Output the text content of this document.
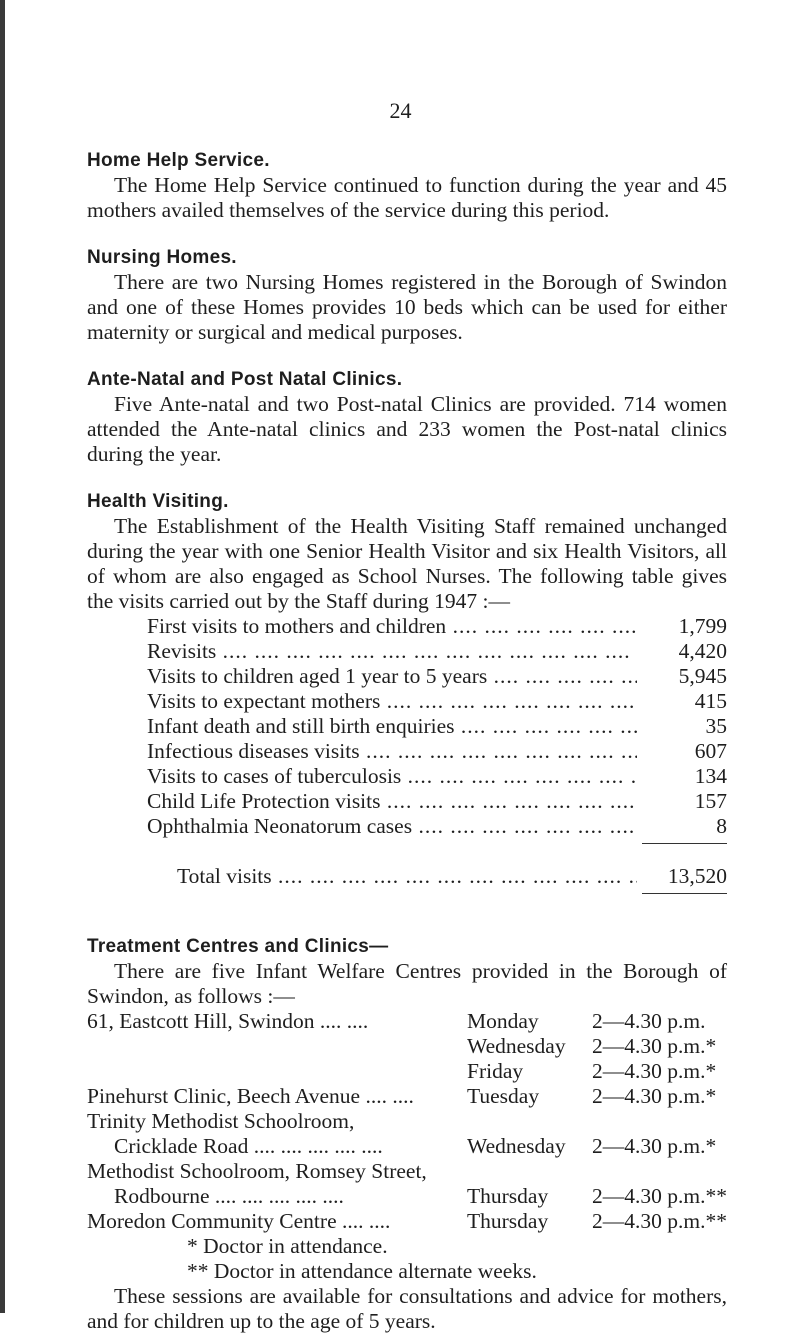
24
Home Help Service.
The Home Help Service continued to function during the year and 45 mothers availed themselves of the service during this period.
Nursing Homes.
There are two Nursing Homes registered in the Borough of Swindon and one of these Homes provides 10 beds which can be used for either maternity or surgical and medical purposes.
Ante-Natal and Post Natal Clinics.
Five Ante-natal and two Post-natal Clinics are provided. 714 women attended the Ante-natal clinics and 233 women the Post-natal clinics during the year.
Health Visiting.
The Establishment of the Health Visiting Staff remained unchanged during the year with one Senior Health Visitor and six Health Visitors, all of whom are also engaged as School Nurses. The following table gives the visits carried out by the Staff during 1947 :—
First visits to mothers and children ....	1,799
Revisits ....	4,420
Visits to children aged 1 year to 5 years ....	5,945
Visits to expectant mothers ....	415
Infant death and still birth enquiries ....	35
Infectious diseases visits ....	607
Visits to cases of tuberculosis ....	134
Child Life Protection visits ....	157
Ophthalmia Neonatorum cases ....	8
Total visits ....	13,520
Treatment Centres and Clinics—
There are five Infant Welfare Centres provided in the Borough of Swindon, as follows :—
61, Eastcott Hill, Swindon .... ....	Monday 2—4.30 p.m.
Wednesday 2—4.30 p.m.*
Friday	2—4.30 p.m.*
Pinehurst Clinic, Beech Avenue .... .... Tuesday 2—4.30 p.m.*
Trinity Methodist Schoolroom,
Cricklade Road .... .... .... .... ....	Wednesday 2—4.30 p.m.*
Methodist Schoolroom, Romsey Street,
Rodbourne .... .... .... .... ....	Thursday 2—4.30 p.m.**
Moredon Community Centre .... ....	Thursday 2—4.30 p.m.**
* Doctor in attendance.
** Doctor in attendance alternate weeks.
These sessions are available for consultations and advice for mothers, and for children up to the age of 5 years.
